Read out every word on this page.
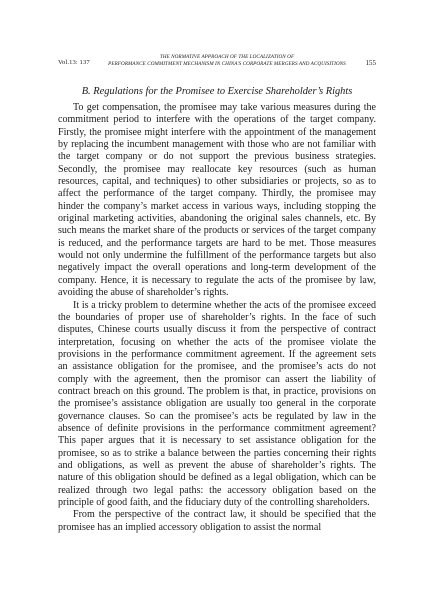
Vol.13: 137
THE NORMATIVE APPROACH OF THE LOCALIZATION OF
PERFORMANCE COMMITMENT MECHANISM IN CHINA'S CORPORATE MERGERS AND ACQUISITIONS	155
B. Regulations for the Promisee to Exercise Shareholder’s Rights

To get compensation, the promisee may take various measures during the commitment period to interfere with the operations of the target company. Firstly, the promisee might interfere with the appointment of the management by replacing the incumbent management with those who are not familiar with the target company or do not support the previous business strategies. Secondly, the promisee may reallocate key resources (such as human resources, capital, and techniques) to other subsidiaries or projects, so as to affect the performance of the target company. Thirdly, the promisee may hinder the company’s market access in various ways, including stopping the original marketing activities, abandoning the original sales channels, etc. By such means the market share of the products or services of the target company is reduced, and the performance targets are hard to be met. Those measures would not only undermine the fulfillment of the performance targets but also negatively impact the overall operations and long-term development of the company. Hence, it is necessary to regulate the acts of the promisee by law, avoiding the abuse of shareholder’s rights.

It is a tricky problem to determine whether the acts of the promisee exceed the boundaries of proper use of shareholder’s rights. In the face of such disputes, Chinese courts usually discuss it from the perspective of contract interpretation, focusing on whether the acts of the promisee violate the provisions in the performance commitment agreement. If the agreement sets an assistance obligation for the promisee, and the promisee’s acts do not comply with the agreement, then the promisor can assert the liability of contract breach on this ground. The problem is that, in practice, provisions on the promisee’s assistance obligation are usually too general in the corporate governance clauses. So can the promisee’s acts be regulated by law in the absence of definite provisions in the performance commitment agreement? This paper argues that it is necessary to set assistance obligation for the promisee, so as to strike a balance between the parties concerning their rights and obligations, as well as prevent the abuse of shareholder’s rights. The nature of this obligation should be defined as a legal obligation, which can be realized through two legal paths: the accessory obligation based on the principle of good faith, and the fiduciary duty of the controlling shareholders.

From the perspective of the contract law, it should be specified that the promisee has an implied accessory obligation to assist the normal
